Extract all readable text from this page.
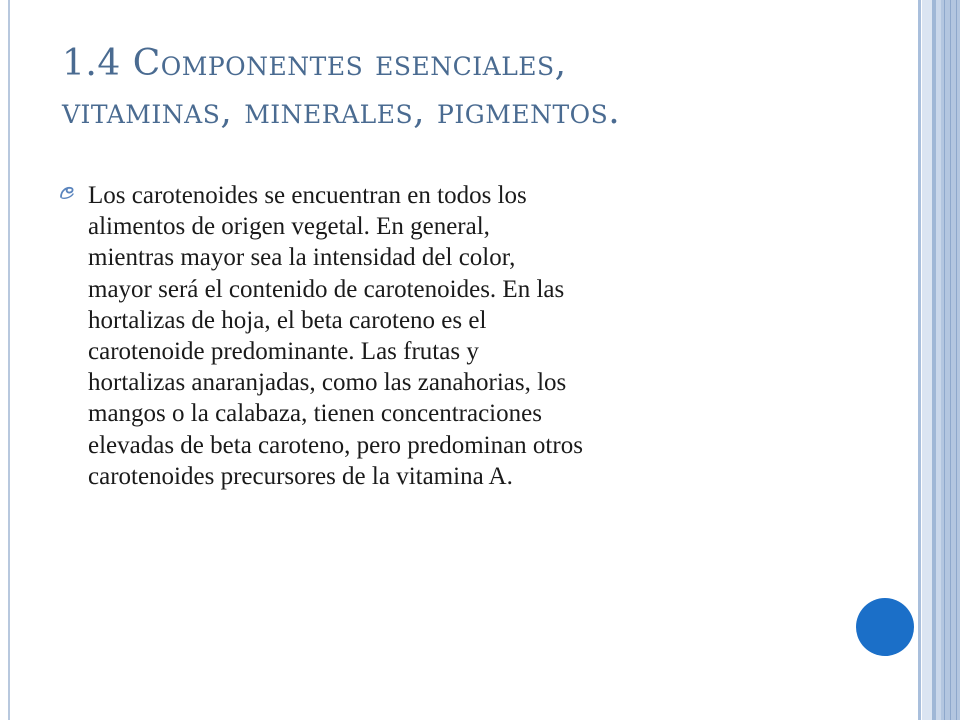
1.4 Componentes esenciales,
vitaminas, minerales, pigmentos.
Los carotenoides se encuentran en todos los
alimentos de origen vegetal. En general,
mientras mayor sea la intensidad del color,
mayor será el contenido de carotenoides. En las
hortalizas de hoja, el beta caroteno es el
carotenoide predominante. Las frutas y
hortalizas anaranjadas, como las zanahorias, los
mangos o la calabaza, tienen concentraciones
elevadas de beta caroteno, pero predominan otros
carotenoides precursores de la vitamina A.
